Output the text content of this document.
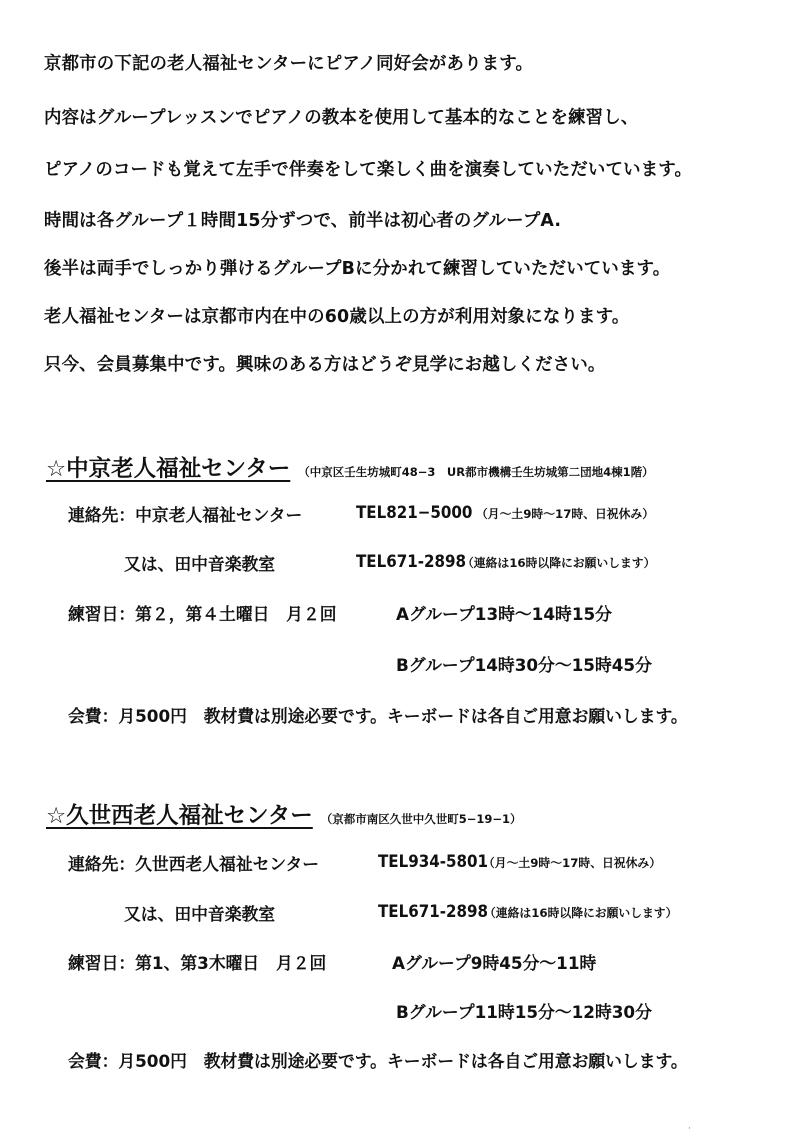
京都市の下記の老人福祉センターにピアノ同好会があります。
内容はグループレッスンでピアノの教本を使用して基本的なことを練習し、
ピアノのコードも覚えて左手で伴奏をして楽しく曲を演奏していただいています。
時間は各グループ１時間15分ずつで、前半は初心者のグループA.
後半は両手でしっかり弾けるグループBに分かれて練習していただいています。
老人福祉センターは京都市内在中の60歳以上の方が利用対象になります。
只今、会員募集中です。興味のある方はどうぞ見学にお越しください。
☆中京老人福祉センター （中京区壬生坊城町48−3　UR都市機構壬生坊城第二団地4棟1階）
連絡先：中京老人福祉センター	TEL821−5000 （月〜土9時〜17時、日祝休み）
又は、田中音楽教室	TEL671-2898
（連絡は16時以降にお願いします）
練習日：第２，第４土曜日　月２回	Aグループ13時〜14時15分
Bグループ14時30分〜15時45分
会費：月500円　教材費は別途必要です。キーボードは各自ご用意お願いします。
☆久世西老人福祉センター （京都市南区久世中久世町5−19−1）
連絡先：久世西老人福祉センター	TEL934-5801
（月〜土9時〜17時、日祝休み）
又は、田中音楽教室	TEL671-2898
（連絡は16時以降にお願いします）
練習日：第1、第3木曜日　月２回	Aグループ9時45分〜11時
Bグループ11時15分〜12時30分
会費：月500円　教材費は別途必要です。キーボードは各自ご用意お願いします。
·
